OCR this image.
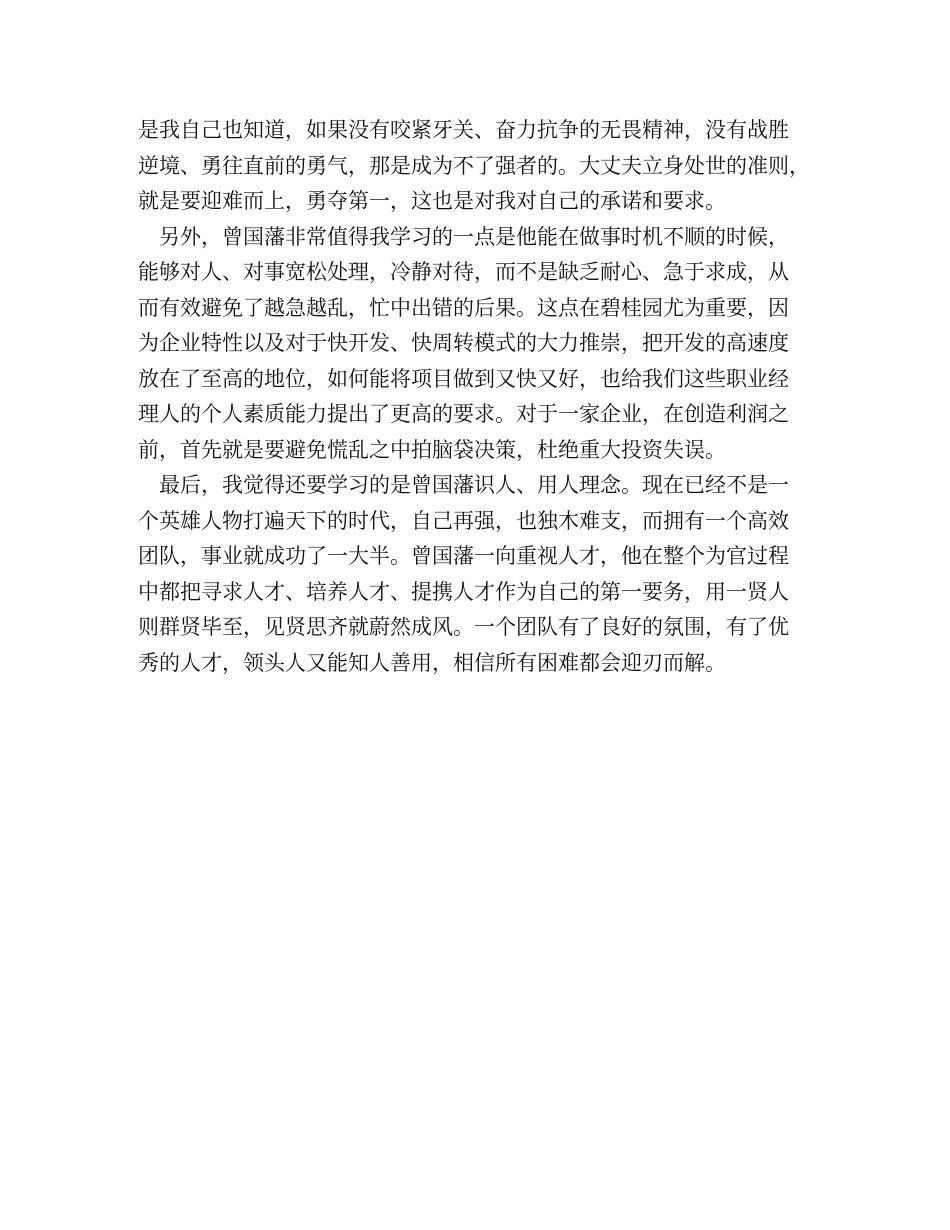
是我自己也知道，如果没有咬紧牙关、奋力抗争的无畏精神，没有战胜
逆境、勇往直前的勇气，那是成为不了强者的。大丈夫立身处世的准则，
就是要迎难而上，勇夺第一，这也是对我对自己的承诺和要求。
另外，曾国藩非常值得我学习的一点是他能在做事时机不顺的时候，
能够对人、对事宽松处理，冷静对待，而不是缺乏耐心、急于求成，从
而有效避免了越急越乱，忙中出错的后果。这点在碧桂园尤为重要，因
为企业特性以及对于快开发、快周转模式的大力推崇，把开发的高速度
放在了至高的地位，如何能将项目做到又快又好，也给我们这些职业经
理人的个人素质能力提出了更高的要求。对于一家企业，在创造利润之
前，首先就是要避免慌乱之中拍脑袋决策，杜绝重大投资失误。
最后，我觉得还要学习的是曾国藩识人、用人理念。现在已经不是一
个英雄人物打遍天下的时代，自己再强，也独木难支，而拥有一个高效
团队，事业就成功了一大半。曾国藩一向重视人才，他在整个为官过程
中都把寻求人才、培养人才、提携人才作为自己的第一要务，用一贤人
则群贤毕至，见贤思齐就蔚然成风。一个团队有了良好的氛围，有了优
秀的人才，领头人又能知人善用，相信所有困难都会迎刃而解。
